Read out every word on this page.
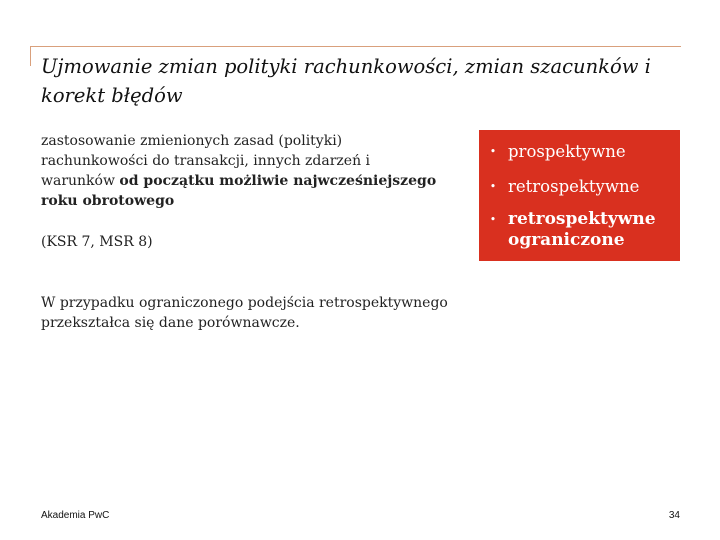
Ujmowanie zmian polityki rachunkowości, zmian szacunków i korekt błędów
zastosowanie zmienionych zasad (polityki)
rachunkowości do transakcji, innych zdarzeń i
warunków od początku możliwie najwcześniejszego
roku obrotowego
(KSR 7, MSR 8)
W przypadku ograniczonego podejścia retrospektywnego przekształca się dane porównawcze.
• prospektywne
• retrospektywne
• retrospektywne ograniczone
Akademia PwC	34
